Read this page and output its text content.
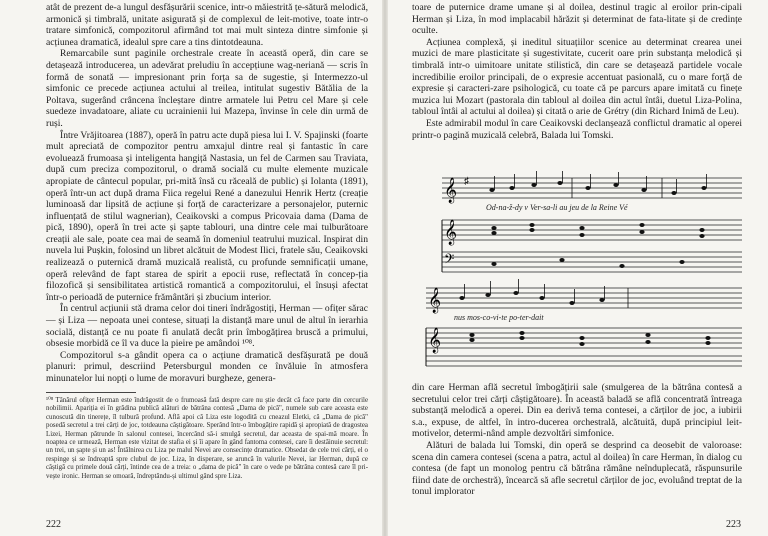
atât de prezent de-a lungul desfășurării scenice, intr-o măiestrită țe-sătură melodică, armonică și timbrală, unitate asigurată și de complexul de leit-motive, toate intr-o tratare simfonică, compozitorul afirmând tot mai mult sinteza dintre simfonie și acțiunea dramatică, idealul spre care a tins dintotdeauna.

Remarcabile sunt paginile orchestrale create în această operă, din care se detașează introducerea, un adevărat preludiu în accepțiune wag-neriană — scris în formă de sonată — impresionant prin forța sa de sugestie, și Intermezzo-ul simfonic ce precede acțiunea actului al treilea, intitulat sugestiv Bătălia de la Poltava, sugerând crâncena încleștare dintre armatele lui Petru cel Mare și cele suedeze invadatoare, aliate cu ucrainienii lui Mazepa, învinse în cele din urmă de ruși.

Între Vrăjitoarea (1887), operă în patru acte după piesa lui I. V. Spajinski (foarte mult apreciată de compozitor pentru amxajul dintre real și fantastic în care evoluează frumoasa și inteligenta hangiță Nastasia, un fel de Carmen sau Traviata, după cum preciza compozitorul, o dramă socială cu multe elemente muzicale apropiate de cântecul popular, pri-mită însă cu răceală de public) și Iolanta (1891), operă într-un act după drama Fiica regelui René a danezului Henrik Hertz (creație luminoasă dar lipsită de acțiune și forță de caracterizare a personajelor, puternic influențată de stilul wagnerian), Ceaikovski a compus Pricovaia dama (Dama de pică, 1890), operă în trei acte și șapte tablouri, una dintre cele mai tulburătoare creații ale sale, poate cea mai de seamă în domeniul teatrului muzical. Inspirat din nuvela lui Pușkin, folosind un libret alcătuit de Modest Ilici, fratele său, Ceaikovski realizează o puternică dramă muzicală realistă, cu profunde semnificații umane, operă relevând de fapt starea de spirit a epocii ruse, reflectată în concep-ția filozofică și sensibilitatea artistică romantică a compozitorului, el însuși afectat într-o perioadă de puternice frământări și zbucium interior.

În centrul acțiunii stă drama celor doi tineri îndrăgostiți, Herman — ofițer sărac — și Liza — nepoata unei contese, situați la distanță mare unul de altul în ierarhia socială, distanță ce nu poate fi anulată decât prin îmbogățirea bruscă a primului, obsesie morbidă ce îl va duce la pieire pe amândoi ¹⁰⁸.

Compozitorul s-a gândit opera ca o acțiune dramatică desfășurată pe două planuri: primul, descriind Petersburgul monden ce învăluie în atmosfera minunatelor lui nopți o lume de moravuri burgheze, genera-

¹⁰⁸ Tânărul ofițer Herman este îndrăgostit de o frumoasă fată despre care nu știe decât că face parte din cercurile nobilimii. Apariția ei în grădina publică alături de bătrâna contesă „Dama de pică", numele sub care aceasta este cunoscută din tinerețe, îl tulbură profund. Află apoi că Liza este logodită cu cneazul Eletki, că „Dama de pică" posedă secretul a trei cărți de joc, totdeauna câștigătoare. Sperând într-o îmbogățire rapidă și apropiată de dragostea Lizei, Herman pătrunde în salonul contesei, încercând să-i smulgă secretul, dar aceasta de spai-mă moare. În noaptea ce urmează, Herman este vizitat de stafia ei și îi apare în gând fantoma contesei, care îi destăinuie secretul: un trei, un șapte și un as! Întâlnirea cu Liza pe malul Nevei are consecințe dramatice. Obsedat de cele trei cărți, el o respinge și se îndreaptă spre clubul de joc. Liza, în disperare, se aruncă în valurile Nevei, iar Herman, după ce câștigă cu primele două cărți, întinde cea de a treia: o „dama de pică" în care o vede pe bătrâna contesă care îl pri-vește ironic. Herman se omoară, îndreptându-și ultimul gând spre Liza.

222

toare de puternice drame umane și al doilea, destinul tragic al eroilor prin-cipali Herman și Liza, în mod implacabil hărăzit și determinat de fata-litate și de credințe oculte.

Acțiunea complexă, și ineditul situațiilor scenice au determinat crearea unei muzici de mare plasticitate și sugestivitate, cucerit oare prin substanța melodică și timbrală intr-o uimitoare unitate stilistică, din care se detașează partidele vocale incredibilie eroilor principali, de o expresie accentuat pasională, cu o mare forță de expresie și caracteri-zare psihologică, cu toate că pe parcurs apare imitată cu finețe muzica lui Mozart (pastorala din tabloul al doilea din actul întâi, duetul Liza-Polina, tabloul întâi al actului al doilea) și citată o arie de Grétry (din Richard Inimă de Leu).

Este admirabil modul în care Ceaikovski declanșează conflictul dramatic al operei printr-o pagină muzicală celebră, Balada lui Tomski.

𝄞 ♯
Od-na-ž-dy v Ver-sa-li au jeu de la Reine Vé
𝄞
𝄢
𝄞
nus mos-co-vi-te po-ter-dait
𝄞

din care Herman află secretul îmbogățirii sale (smulgerea de la bătrâna contesă a secretului celor trei cărți câștigătoare). În această baladă se află concentrată întreaga substanță melodică a operei. Din ea derivă tema contesei, a cărților de joc, a iubirii s.a., expuse, de altfel, în intro-ducerea orchestrală, alcătuită, după principiul leit-motivelor, determi-nând ample dezvoltări simfonice.

Alături de balada lui Tomski, din operă se desprind ca deosebit de valoroase: scena din camera contesei (scena a patra, actul al doilea) în care Herman, în dialog cu contesa (de fapt un monolog pentru că bătrâna rămâne neînduplecată, răspunsurile fiind date de orchestră), încearcă să afle secretul cărților de joc, evoluând treptat de la tonul implorator

223
